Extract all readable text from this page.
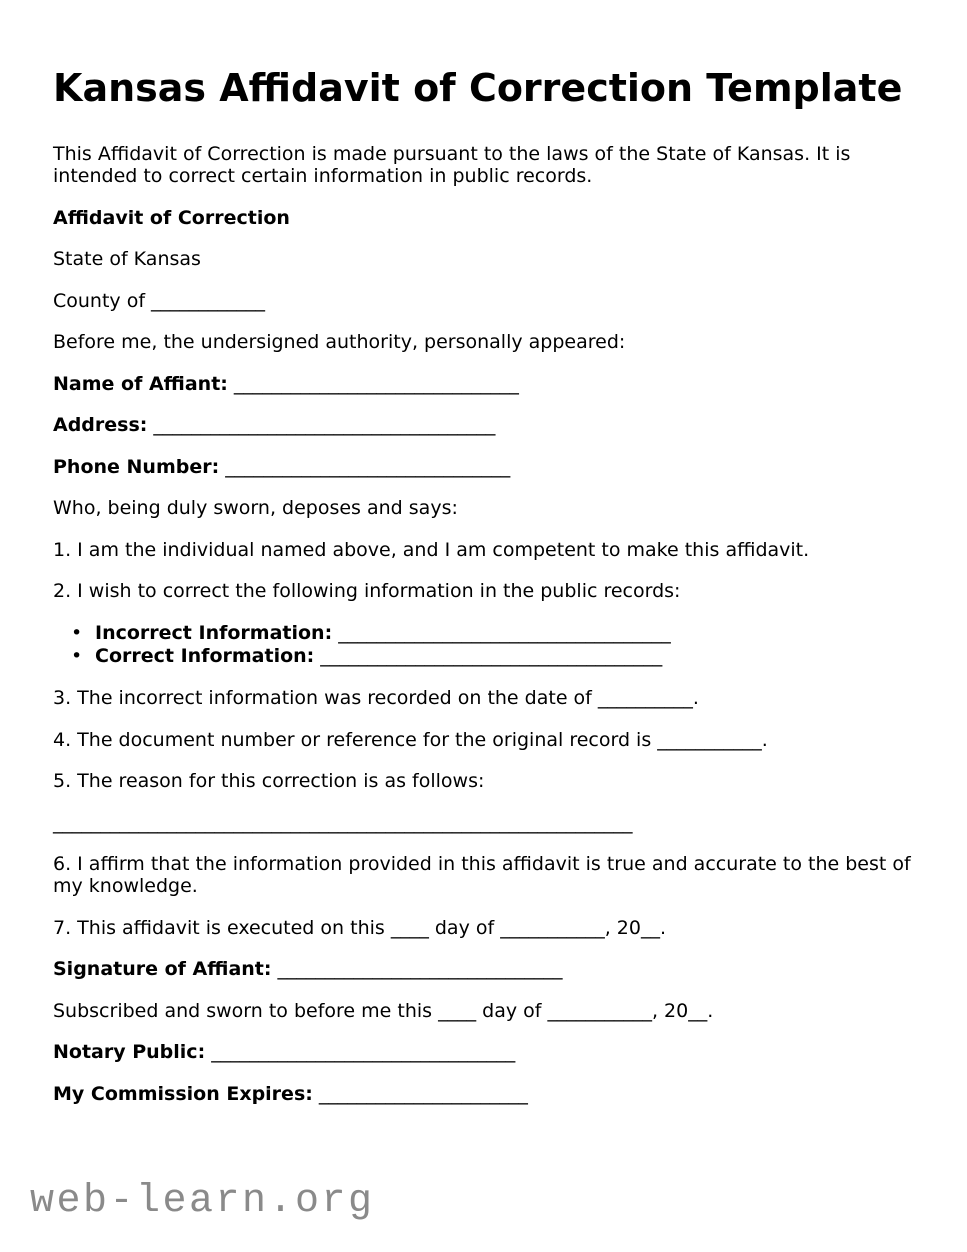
Kansas Affidavit of Correction Template

This Affidavit of Correction is made pursuant to the laws of the State of Kansas. It is intended to correct certain information in public records.

Affidavit of Correction

State of Kansas

County of ____________

Before me, the undersigned authority, personally appeared:

Name of Affiant: ______________________________

Address: ____________________________________

Phone Number: ______________________________

Who, being duly sworn, deposes and says:

1. I am the individual named above, and I am competent to make this affidavit.

2. I wish to correct the following information in the public records:

• Incorrect Information: ___________________________________
• Correct Information: ____________________________________

3. The incorrect information was recorded on the date of __________.

4. The document number or reference for the original record is ___________.

5. The reason for this correction is as follows:

_____________________________________________________________

6. I affirm that the information provided in this affidavit is true and accurate to the best of my knowledge.

7. This affidavit is executed on this ____ day of ___________, 20__.

Signature of Affiant: ______________________________

Subscribed and sworn to before me this ____ day of ___________, 20__.

Notary Public: ________________________________

My Commission Expires: ______________________

web-learn.org
